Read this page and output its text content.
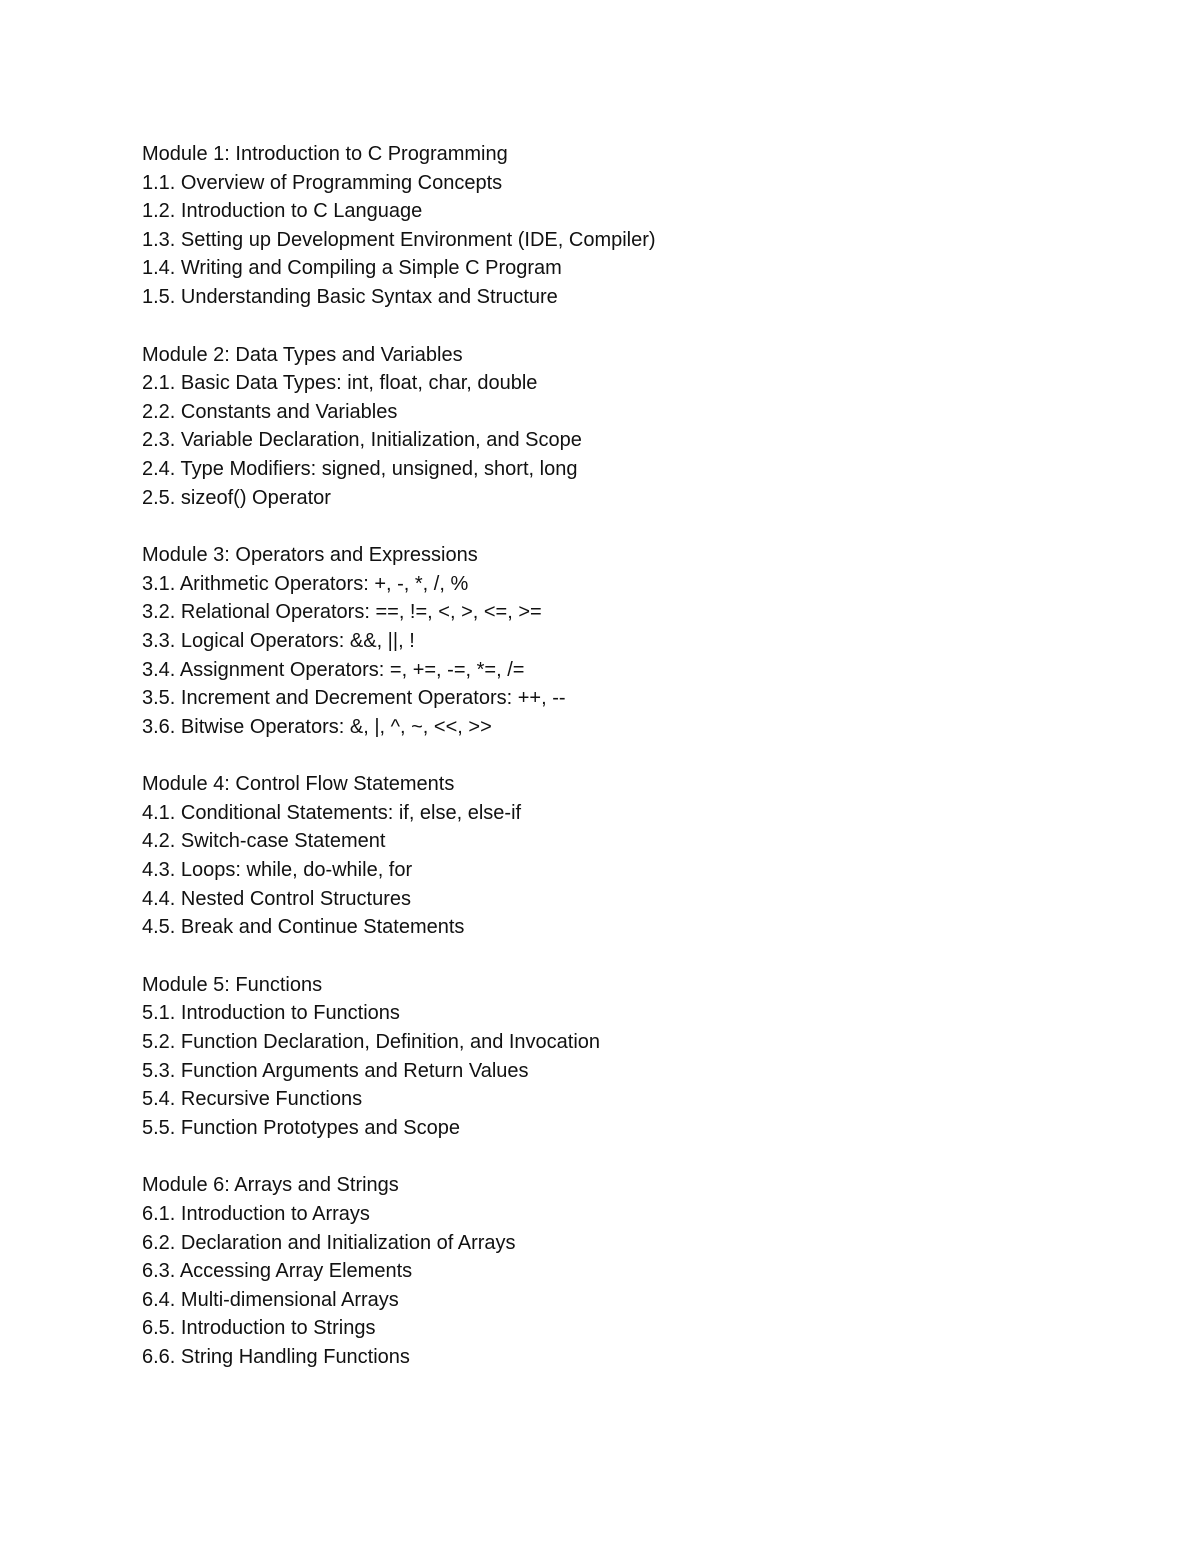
Module 1: Introduction to C Programming
1.1. Overview of Programming Concepts
1.2. Introduction to C Language
1.3. Setting up Development Environment (IDE, Compiler)
1.4. Writing and Compiling a Simple C Program
1.5. Understanding Basic Syntax and Structure
Module 2: Data Types and Variables
2.1. Basic Data Types: int, float, char, double
2.2. Constants and Variables
2.3. Variable Declaration, Initialization, and Scope
2.4. Type Modifiers: signed, unsigned, short, long
2.5. sizeof() Operator
Module 3: Operators and Expressions
3.1. Arithmetic Operators: +, -, *, /, %
3.2. Relational Operators: ==, !=, <, >, <=, >=
3.3. Logical Operators: &&, ||, !
3.4. Assignment Operators: =, +=, -=, *=, /=
3.5. Increment and Decrement Operators: ++, --
3.6. Bitwise Operators: &, |, ^, ~, <<, >>
Module 4: Control Flow Statements
4.1. Conditional Statements: if, else, else-if
4.2. Switch-case Statement
4.3. Loops: while, do-while, for
4.4. Nested Control Structures
4.5. Break and Continue Statements
Module 5: Functions
5.1. Introduction to Functions
5.2. Function Declaration, Definition, and Invocation
5.3. Function Arguments and Return Values
5.4. Recursive Functions
5.5. Function Prototypes and Scope
Module 6: Arrays and Strings
6.1. Introduction to Arrays
6.2. Declaration and Initialization of Arrays
6.3. Accessing Array Elements
6.4. Multi-dimensional Arrays
6.5. Introduction to Strings
6.6. String Handling Functions
